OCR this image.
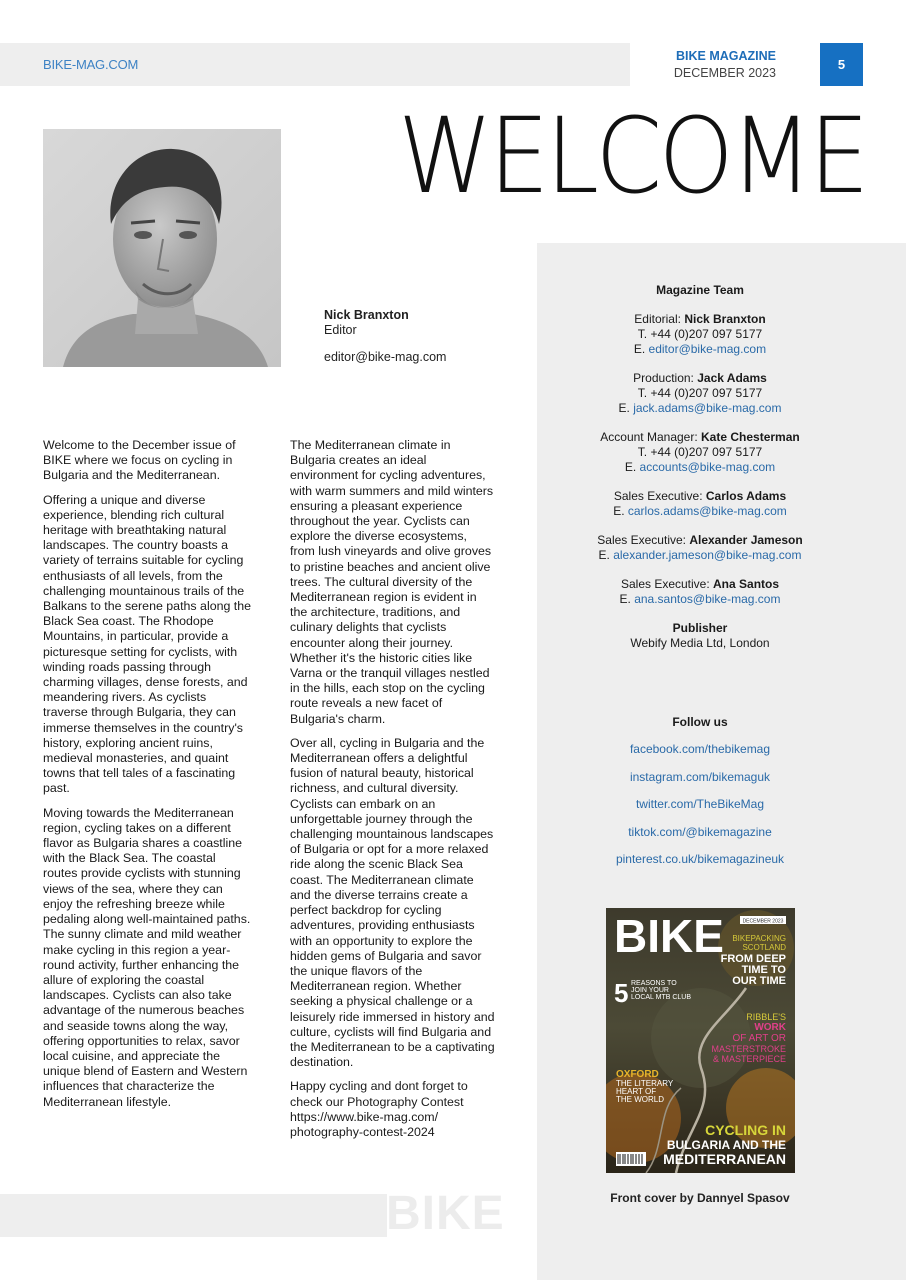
BIKE-MAG.COM
BIKE MAGAZINE
DECEMBER 2023
5
WELCOME
Nick Branxton
Editor
editor@bike-mag.com

Welcome to the December issue of BIKE where we focus on cycling in Bulgaria and the Mediterranean.

Offering a unique and diverse experience, blending rich cultural heritage with breathtaking natural landscapes. The country boasts a variety of terrains suitable for cycling enthusiasts of all levels, from the challenging mountainous trails of the Balkans to the serene paths along the Black Sea coast. The Rhodope Mountains, in particular, provide a picturesque setting for cyclists, with winding roads passing through charming villages, dense forests, and meandering rivers. As cyclists traverse through Bulgaria, they can immerse themselves in the country's history, exploring ancient ruins, medieval monasteries, and quaint towns that tell tales of a fascinating past.

Moving towards the Mediterranean region, cycling takes on a different flavor as Bulgaria shares a coastline with the Black Sea. The coastal routes provide cyclists with stunning views of the sea, where they can enjoy the refreshing breeze while pedaling along well-maintained paths. The sunny climate and mild weather make cycling in this region a year-round activity, further enhancing the allure of exploring the coastal landscapes. Cyclists can also take advantage of the numerous beaches and seaside towns along the way, offering opportunities to relax, savor local cuisine, and appreciate the unique blend of Eastern and Western influences that characterize the Mediterranean lifestyle.

The Mediterranean climate in Bulgaria creates an ideal environment for cycling adventures, with warm summers and mild winters ensuring a pleasant experience throughout the year. Cyclists can explore the diverse ecosystems, from lush vineyards and olive groves to pristine beaches and ancient olive trees. The cultural diversity of the Mediterranean region is evident in the architecture, traditions, and culinary delights that cyclists encounter along their journey. Whether it's the historic cities like Varna or the tranquil villages nestled in the hills, each stop on the cycling route reveals a new facet of Bulgaria's charm.

Over all, cycling in Bulgaria and the Mediterranean offers a delightful fusion of natural beauty, historical richness, and cultural diversity. Cyclists can embark on an unforgettable journey through the challenging mountainous landscapes of Bulgaria or opt for a more relaxed ride along the scenic Black Sea coast. The Mediterranean climate and the diverse terrains create a perfect backdrop for cycling adventures, providing enthusiasts with an opportunity to explore the hidden gems of Bulgaria and savor the unique flavors of the Mediterranean region. Whether seeking a physical challenge or a leisurely ride immersed in history and culture, cyclists will find Bulgaria and the Mediterranean to be a captivating destination.

Happy cycling and dont forget to check our Photography Contest https://www.bike-mag.com/ photography-contest-2024

Magazine Team
Editorial: Nick Branxton
T. +44 (0)207 097 5177
E. editor@bike-mag.com
Production: Jack Adams
T. +44 (0)207 097 5177
E. jack.adams@bike-mag.com
Account Manager: Kate Chesterman
T. +44 (0)207 097 5177
E. accounts@bike-mag.com
Sales Executive: Carlos Adams
E. carlos.adams@bike-mag.com
Sales Executive: Alexander Jameson
E. alexander.jameson@bike-mag.com
Sales Executive: Ana Santos
E. ana.santos@bike-mag.com
Publisher
Webify Media Ltd, London
Follow us
facebook.com/thebikemag
instagram.com/bikemaguk
twitter.com/TheBikeMag
tiktok.com/@bikemagazine
pinterest.co.uk/bikemagazineuk
BIKE	DECEMBER 2023
BIKEPACKING
SCOTLAND
FROM DEEP
TIME TO
OUR TIME
5 REASONS TO
JOIN YOUR
LOCAL MTB CLUB
RIBBLE'S
WORK
OF ART OR
MASTERSTROKE
& MASTERPIECE
OXFORD
THE LITERARY
HEART OF
THE WORLD
CYCLING IN
BULGARIA AND THE
MEDITERRANEAN
Front cover by Dannyel Spasov
BIKE
